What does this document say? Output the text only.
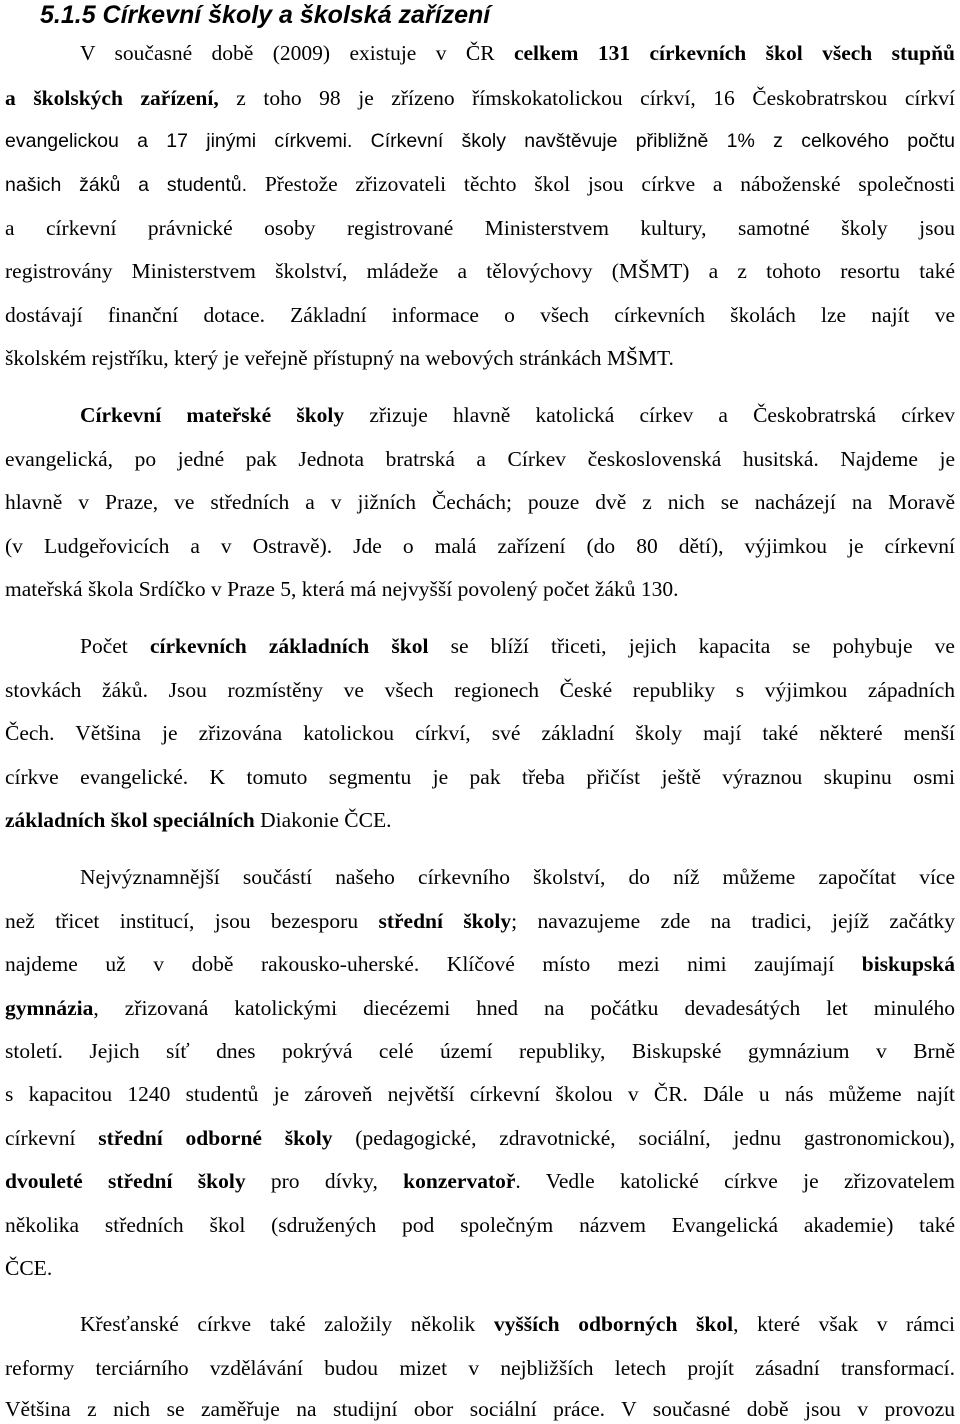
5.1.5 Církevní školy a školská zařízení
V současné době (2009) existuje v ČR celkem 131 církevních škol všech stupňů
a školských zařízení, z toho 98 je zřízeno římskokatolickou církví, 16 Českobratrskou církví
evangelickou a 17 jinými církvemi. Církevní školy navštěvuje přibližně 1% z celkového počtu
našich žáků a studentů. Přestože zřizovateli těchto škol jsou církve a náboženské společnosti
a církevní právnické osoby registrované Ministerstvem kultury, samotné školy jsou
registrovány Ministerstvem školství, mládeže a tělovýchovy (MŠMT) a z tohoto resortu také
dostávají finanční dotace. Základní informace o všech církevních školách lze najít ve
školském rejstříku, který je veřejně přístupný na webových stránkách MŠMT.
Církevní mateřské školy zřizuje hlavně katolická církev a Českobratrská církev
evangelická, po jedné pak Jednota bratrská a Církev československá husitská. Najdeme je
hlavně v Praze, ve středních a v jižních Čechách; pouze dvě z nich se nacházejí na Moravě
(v Ludgeřovicích a v Ostravě). Jde o malá zařízení (do 80 dětí), výjimkou je církevní
mateřská škola Srdíčko v Praze 5, která má nejvyšší povolený počet žáků 130.
Počet církevních základních škol se blíží třiceti, jejich kapacita se pohybuje ve
stovkách žáků. Jsou rozmístěny ve všech regionech České republiky s výjimkou západních
Čech. Většina je zřizována katolickou církví, své základní školy mají také některé menší
církve evangelické. K tomuto segmentu je pak třeba přičíst ještě výraznou skupinu osmi
základních škol speciálních Diakonie ČCE.
Nejvýznamnější součástí našeho církevního školství, do níž můžeme započítat více
než třicet institucí, jsou bezesporu střední školy; navazujeme zde na tradici, jejíž začátky
najdeme už v době rakousko-uherské. Klíčové místo mezi nimi zaujímají biskupská
gymnázia, zřizovaná katolickými diecézemi hned na počátku devadesátých let minulého
století. Jejich síť dnes pokrývá celé území republiky, Biskupské gymnázium v Brně
s kapacitou 1240 studentů je zároveň největší církevní školou v ČR. Dále u nás můžeme najít
církevní střední odborné školy (pedagogické, zdravotnické, sociální, jednu gastronomickou),
dvouleté střední školy pro dívky, konzervatoř. Vedle katolické církve je zřizovatelem
několika středních škol (sdružených pod společným názvem Evangelická akademie) také
ČCE.
Křesťanské církve také založily několik vyšších odborných škol, které však v rámci
reformy terciárního vzdělávání budou mizet v nejbližších letech projít zásadní transformací.
Většina z nich se zaměřuje na studijní obor sociální práce. V současné době jsou v provozu
